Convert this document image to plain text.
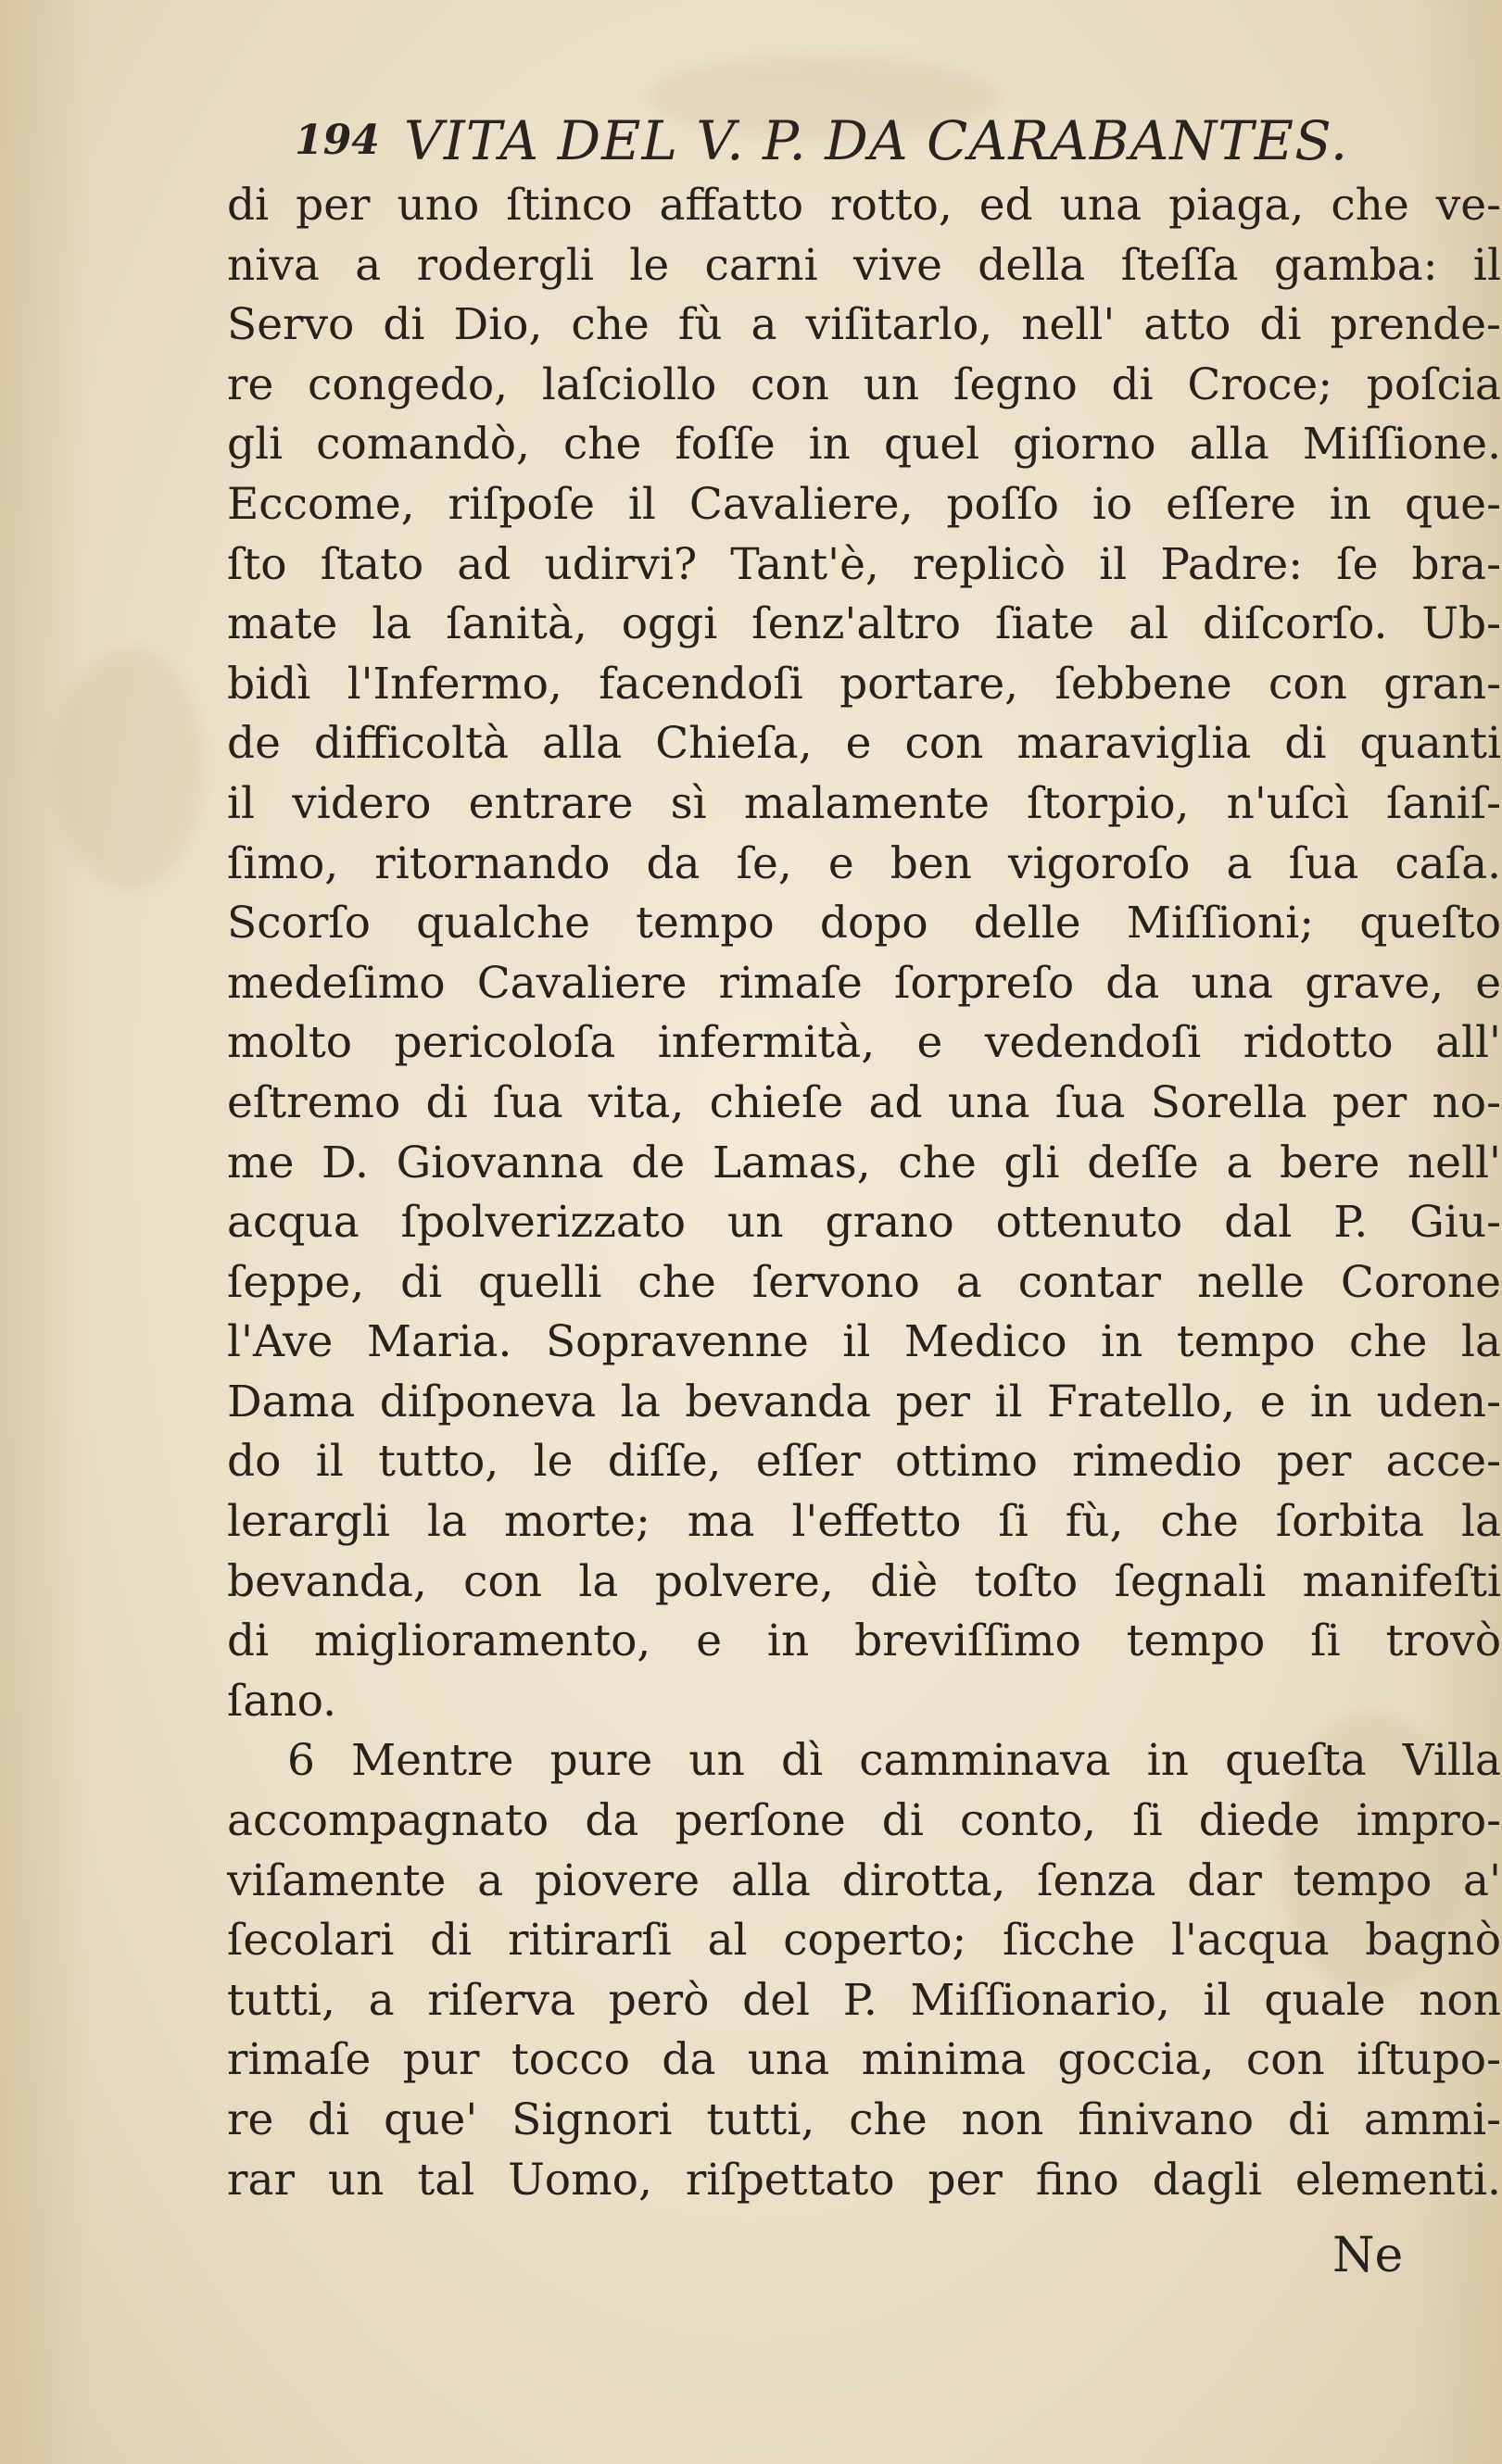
194 VITA DEL V. P. DA CARABANTES.
di per uno ſtinco affatto rotto, ed una piaga, che ve-
niva a rodergli le carni vive della ſteſſa gamba: il
Servo di Dio, che fù a viſitarlo, nell' atto di prende-
re congedo, laſciollo con un ſegno di Croce; poſcia
gli comandò, che foſſe in quel giorno alla Miſſione.
Eccome, riſpoſe il Cavaliere, poſſo io eſſere in que-
ſto ſtato ad udirvi? Tant'è, replicò il Padre: ſe bra-
mate la ſanità, oggi ſenz'altro ſiate al diſcorſo. Ub-
bidì l'Infermo, facendoſi portare, ſebbene con gran-
de difficoltà alla Chieſa, e con maraviglia di quanti
il videro entrare sì malamente ſtorpio, n'uſcì ſaniſ-
ſimo, ritornando da ſe, e ben vigoroſo a ſua caſa.
Scorſo qualche tempo dopo delle Miſſioni; queſto
medeſimo Cavaliere rimaſe ſorpreſo da una grave, e
molto pericoloſa infermità, e vedendoſi ridotto all'
eſtremo di ſua vita, chieſe ad una ſua Sorella per no-
me D. Giovanna de Lamas, che gli deſſe a bere nell'
acqua ſpolverizzato un grano ottenuto dal P. Giu-
ſeppe, di quelli che ſervono a contar nelle Corone
l'Ave Maria. Sopravenne il Medico in tempo che la
Dama diſponeva la bevanda per il Fratello, e in uden-
do il tutto, le diſſe, eſſer ottimo rimedio per acce-
lerargli la morte; ma l'effetto ſi fù, che ſorbita la
bevanda, con la polvere, diè toſto ſegnali manifeſti
di miglioramento, e in breviſſimo tempo ſi trovò
ſano.
6 Mentre pure un dì camminava in queſta Villa
accompagnato da perſone di conto, ſi diede impro-
viſamente a piovere alla dirotta, ſenza dar tempo a'
ſecolari di ritirarſi al coperto; ſicche l'acqua bagnò
tutti, a riſerva però del P. Miſſionario, il quale non
rimaſe pur tocco da una minima goccia, con iſtupo-
re di que' Signori tutti, che non finivano di ammi-
rar un tal Uomo, riſpettato per fino dagli elementi.
Ne
